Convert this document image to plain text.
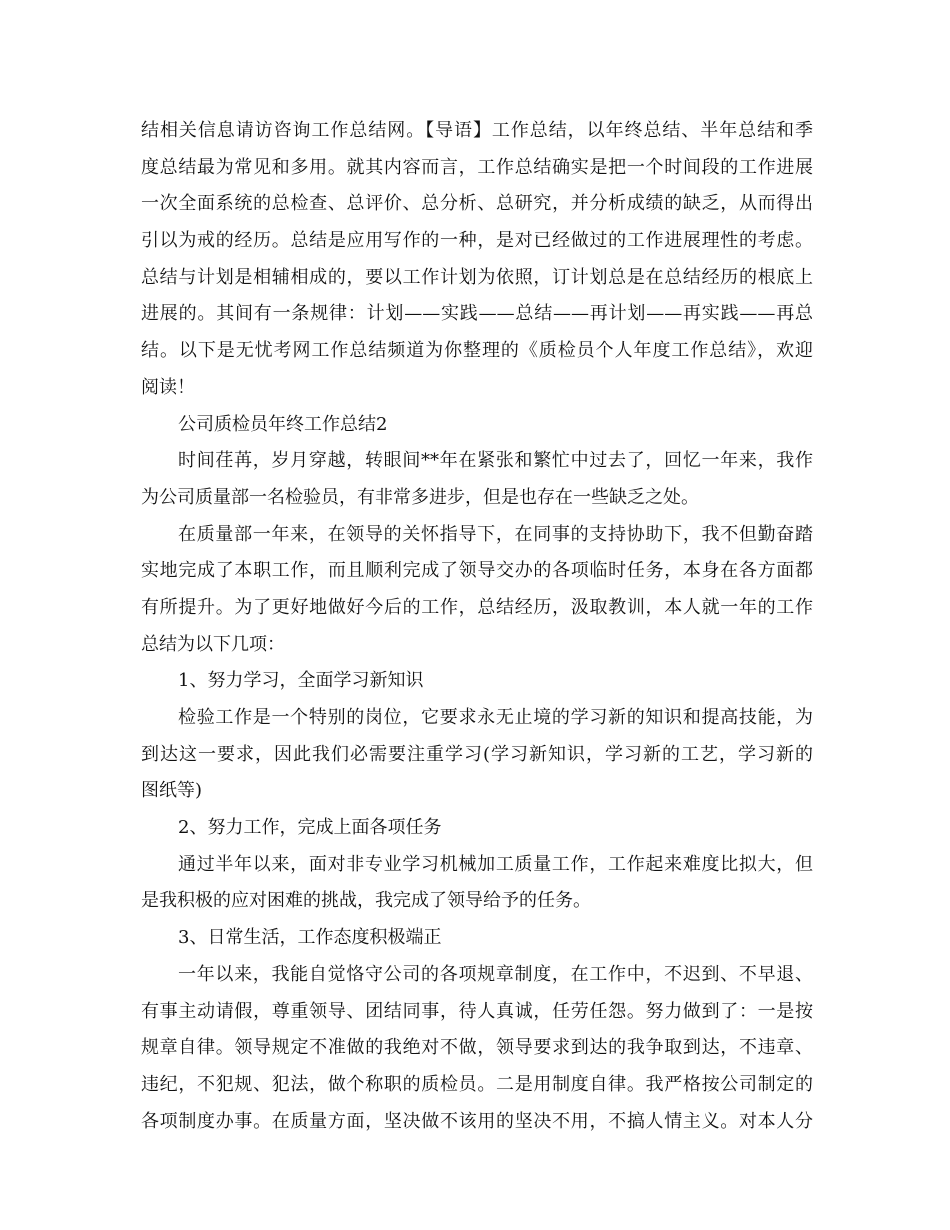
结相关信息请访咨询工作总结网。【导语】工作总结，以年终总结、半年总结和季
度总结最为常见和多用。就其内容而言，工作总结确实是把一个时间段的工作进展
一次全面系统的总检查、总评价、总分析、总研究，并分析成绩的缺乏，从而得出
引以为戒的经历。总结是应用写作的一种，是对已经做过的工作进展理性的考虑。
总结与计划是相辅相成的，要以工作计划为依照，订计划总是在总结经历的根底上
进展的。其间有一条规律：计划——实践——总结——再计划——再实践——再总
结。以下是无忧考网工作总结频道为你整理的《质检员个人年度工作总结》，欢迎
阅读！
公司质检员年终工作总结2
时间荏苒，岁月穿越，转眼间**年在紧张和繁忙中过去了，回忆一年来，我作
为公司质量部一名检验员，有非常多进步，但是也存在一些缺乏之处。
在质量部一年来，在领导的关怀指导下，在同事的支持协助下，我不但勤奋踏
实地完成了本职工作，而且顺利完成了领导交办的各项临时任务，本身在各方面都
有所提升。为了更好地做好今后的工作，总结经历，汲取教训，本人就一年的工作
总结为以下几项：
1、努力学习，全面学习新知识
检验工作是一个特别的岗位，它要求永无止境的学习新的知识和提高技能，为
到达这一要求，因此我们必需要注重学习(学习新知识，学习新的工艺，学习新的
图纸等)
2、努力工作，完成上面各项任务
通过半年以来，面对非专业学习机械加工质量工作，工作起来难度比拟大，但
是我积极的应对困难的挑战，我完成了领导给予的任务。
3、日常生活，工作态度积极端正
一年以来，我能自觉恪守公司的各项规章制度，在工作中，不迟到、不早退、
有事主动请假，尊重领导、团结同事，待人真诚，任劳任怨。努力做到了：一是按
规章自律。领导规定不准做的我绝对不做，领导要求到达的我争取到达，不违章、
违纪，不犯规、犯法，做个称职的质检员。二是用制度自律。我严格按公司制定的
各项制度办事。在质量方面，坚决做不该用的坚决不用，不搞人情主义。对本人分
